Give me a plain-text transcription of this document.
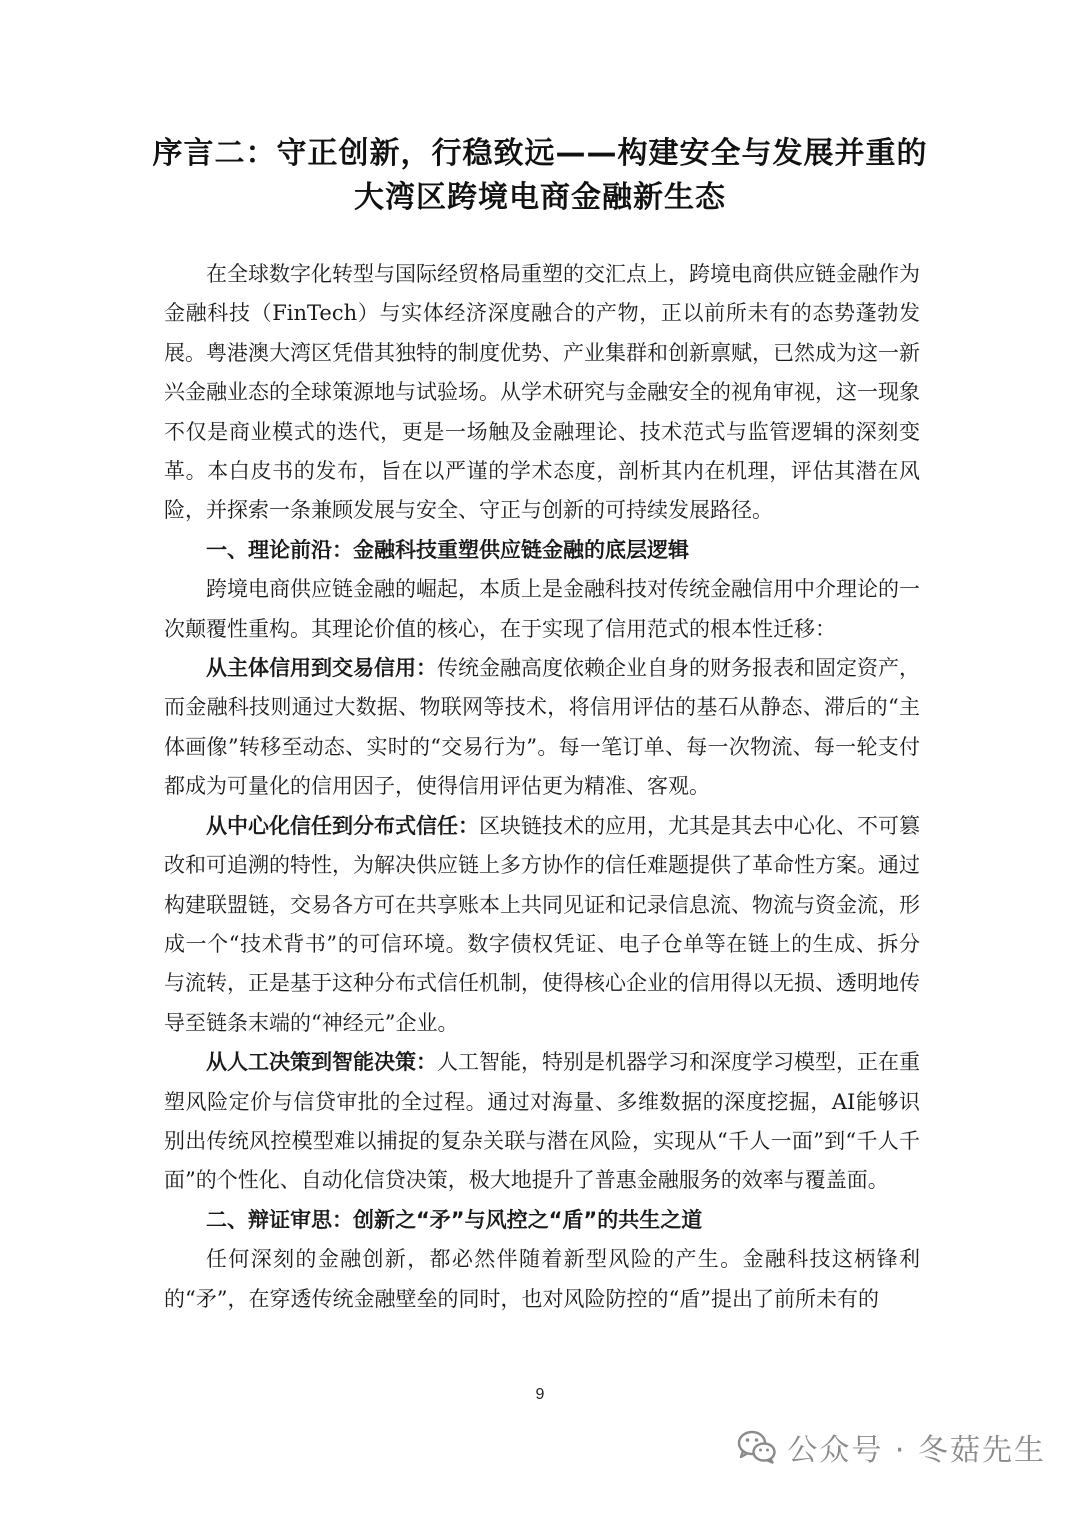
序言二：守正创新，行稳致远——构建安全与发展并重的
大湾区跨境电商金融新生态

在全球数字化转型与国际经贸格局重塑的交汇点上，跨境电商供应链金融作为金融科技（FinTech）与实体经济深度融合的产物，正以前所未有的态势蓬勃发展。粤港澳大湾区凭借其独特的制度优势、产业集群和创新禀赋，已然成为这一新兴金融业态的全球策源地与试验场。从学术研究与金融安全的视角审视，这一现象不仅是商业模式的迭代，更是一场触及金融理论、技术范式与监管逻辑的深刻变革。本白皮书的发布，旨在以严谨的学术态度，剖析其内在机理，评估其潜在风险，并探索一条兼顾发展与安全、守正与创新的可持续发展路径。

一、理论前沿：金融科技重塑供应链金融的底层逻辑

跨境电商供应链金融的崛起，本质上是金融科技对传统金融信用中介理论的一次颠覆性重构。其理论价值的核心，在于实现了信用范式的根本性迁移：

从主体信用到交易信用：传统金融高度依赖企业自身的财务报表和固定资产，而金融科技则通过大数据、物联网等技术，将信用评估的基石从静态、滞后的“主体画像”转移至动态、实时的“交易行为”。每一笔订单、每一次物流、每一轮支付都成为可量化的信用因子，使得信用评估更为精准、客观。

从中心化信任到分布式信任：区块链技术的应用，尤其是其去中心化、不可篡改和可追溯的特性，为解决供应链上多方协作的信任难题提供了革命性方案。通过构建联盟链，交易各方可在共享账本上共同见证和记录信息流、物流与资金流，形成一个“技术背书”的可信环境。数字债权凭证、电子仓单等在链上的生成、拆分与流转，正是基于这种分布式信任机制，使得核心企业的信用得以无损、透明地传导至链条末端的“神经元”企业。

从人工决策到智能决策：人工智能，特别是机器学习和深度学习模型，正在重塑风险定价与信贷审批的全过程。通过对海量、多维数据的深度挖掘，AI能够识别出传统风控模型难以捕捉的复杂关联与潜在风险，实现从“千人一面”到“千人千面”的个性化、自动化信贷决策，极大地提升了普惠金融服务的效率与覆盖面。

二、辩证审思：创新之“矛”与风控之“盾”的共生之道

任何深刻的金融创新，都必然伴随着新型风险的产生。金融科技这柄锋利的“矛”，在穿透传统金融壁垒的同时，也对风险防控的“盾”提出了前所未有的

9
公众号 · 冬菇先生
